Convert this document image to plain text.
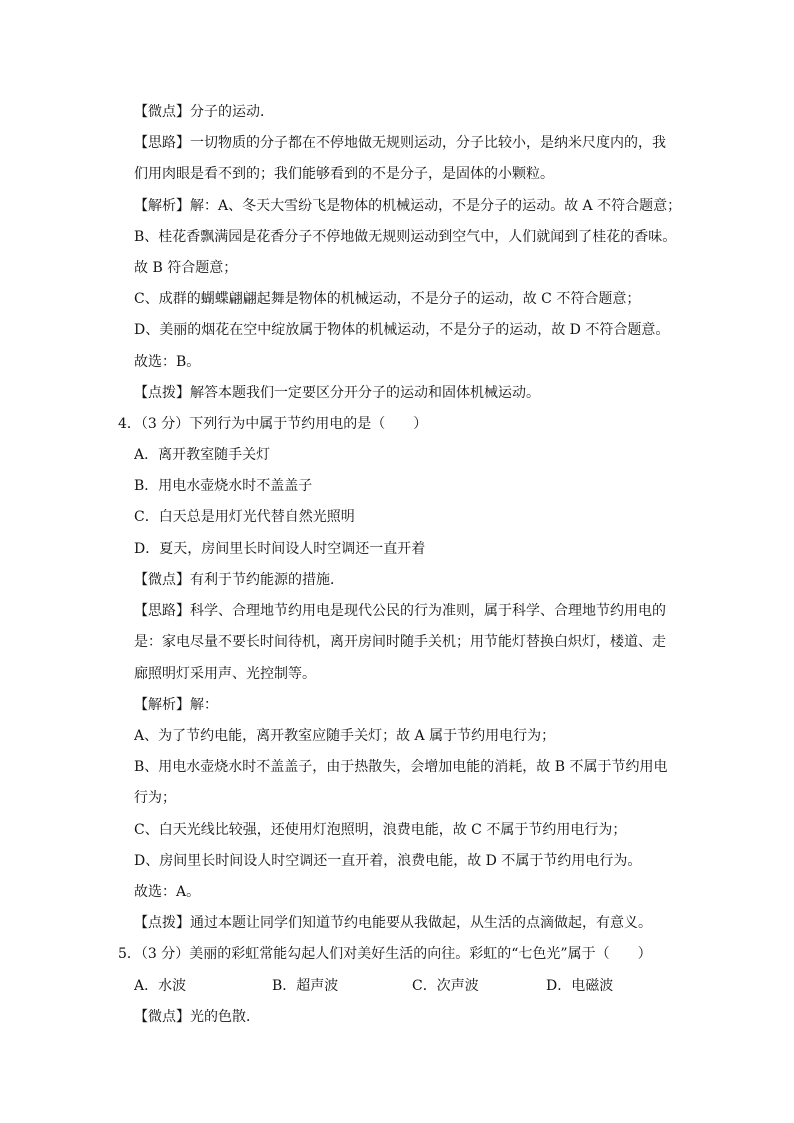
【微点】分子的运动．
【思路】一切物质的分子都在不停地做无规则运动，分子比较小，是纳米尺度内的，我
们用肉眼是看不到的；我们能够看到的不是分子，是固体的小颗粒。
【解析】解：A、冬天大雪纷飞是物体的机械运动，不是分子的运动。故 A 不符合题意；
B、桂花香飘满园是花香分子不停地做无规则运动到空气中，人们就闻到了桂花的香味。
故 B 符合题意；
C、成群的蝴蝶翩翩起舞是物体的机械运动，不是分子的运动，故 C 不符合题意；
D、美丽的烟花在空中绽放属于物体的机械运动，不是分子的运动，故 D 不符合题意。
故选：B。
【点拨】解答本题我们一定要区分开分子的运动和固体机械运动。
4．（3 分）下列行为中属于节约用电的是（　　）
A．离开教室随手关灯
B．用电水壶烧水时不盖盖子
C．白天总是用灯光代替自然光照明
D．夏天，房间里长时间设人时空调还一直开着
【微点】有利于节约能源的措施．
【思路】科学、合理地节约用电是现代公民的行为准则，属于科学、合理地节约用电的
是：家电尽量不要长时间待机，离开房间时随手关机；用节能灯替换白炽灯，楼道、走
廊照明灯采用声、光控制等。
【解析】解：
A、为了节约电能，离开教室应随手关灯；故 A 属于节约用电行为；
B、用电水壶烧水时不盖盖子，由于热散失，会增加电能的消耗，故 B 不属于节约用电
行为；
C、白天光线比较强，还使用灯泡照明，浪费电能，故 C 不属于节约用电行为；
D、房间里长时间设人时空调还一直开着，浪费电能，故 D 不属于节约用电行为。
故选：A。
【点拨】通过本题让同学们知道节约电能要从我做起，从生活的点滴做起，有意义。
5．（3 分）美丽的彩虹常能勾起人们对美好生活的向往。彩虹的“七色光”属于（　　）
A．水波	B．超声波	C．次声波	D．电磁波
【微点】光的色散．
